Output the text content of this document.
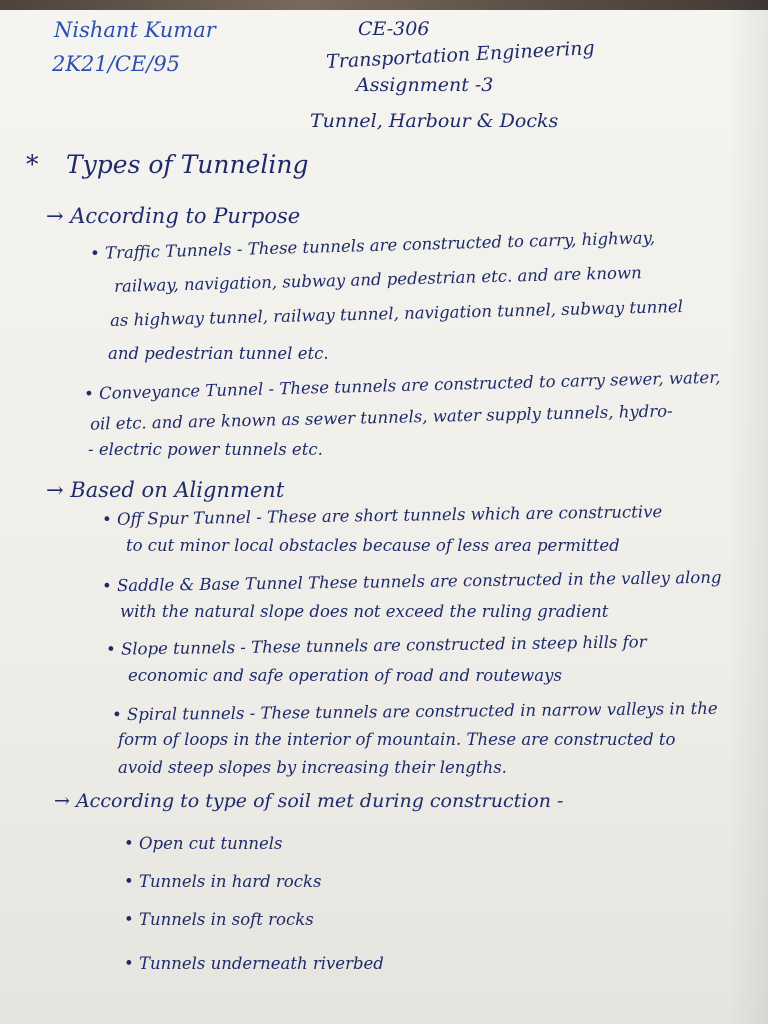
Nishant Kumar
2K21/CE/95
CE-306
Transportation Engineering
Assignment -3
Tunnel, Harbour & Docks
* Types of Tunneling
→ According to Purpose
• Traffic Tunnels - These tunnels are constructed to carry, highway,
railway, navigation, subway and pedestrian etc. and are known
as highway tunnel, railway tunnel, navigation tunnel, subway tunnel
and pedestrian tunnel etc.
• Conveyance Tunnel - These tunnels are constructed to carry sewer, water,
oil etc. and are known as sewer tunnels, water supply tunnels, hydro-
- electric power tunnels etc.
→ Based on Alignment
• Off Spur Tunnel - These are short tunnels which are constructive
to cut minor local obstacles because of less area permitted
• Saddle & Base Tunnel These tunnels are constructed in the valley along
with the natural slope does not exceed the ruling gradient
• Slope tunnels - These tunnels are constructed in steep hills for
economic and safe operation of road and routeways
• Spiral tunnels - These tunnels are constructed in narrow valleys in the
form of loops in the interior of mountain. These are constructed to
avoid steep slopes by increasing their lengths.
→ According to type of soil met during construction -
• Open cut tunnels
• Tunnels in hard rocks
• Tunnels in soft rocks
• Tunnels underneath riverbed
